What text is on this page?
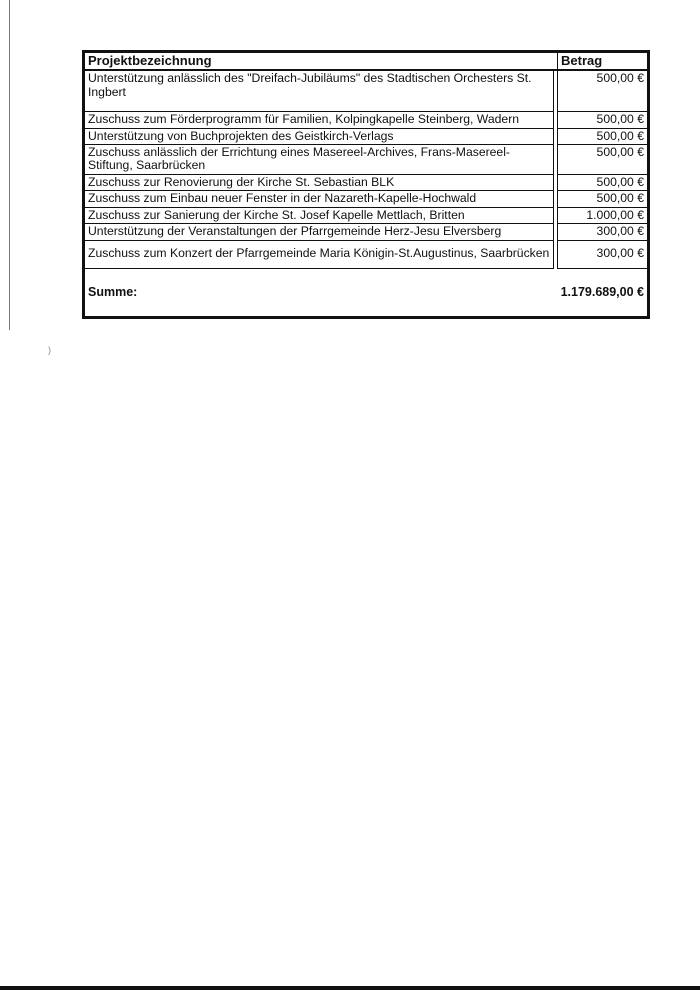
)
Projektbezeichnung		Betrag
Unterstützung anlässlich des "Dreifach-Jubiläums" des Stadtischen Orchesters St. Ingbert		500,00 €
Zuschuss zum Förderprogramm für Familien, Kolpingkapelle Steinberg, Wadern		500,00 €
Unterstützung von Buchprojekten des Geistkirch-Verlags		500,00 €
Zuschuss anlässlich der Errichtung eines Masereel-Archives, Frans-Masereel-Stiftung, Saarbrücken		500,00 €
Zuschuss zur Renovierung der Kirche St. Sebastian BLK		500,00 €
Zuschuss zum Einbau neuer Fenster in der Nazareth-Kapelle-Hochwald		500,00 €
Zuschuss zur Sanierung der Kirche St. Josef Kapelle Mettlach, Britten		1.000,00 €
Unterstützung der Veranstaltungen der Pfarrgemeinde Herz-Jesu Elversberg		300,00 €
Zuschuss zum Konzert der Pfarrgemeinde Maria Königin-St.Augustinus, Saarbrücken		300,00 €
Summe:		1.179.689,00 €
